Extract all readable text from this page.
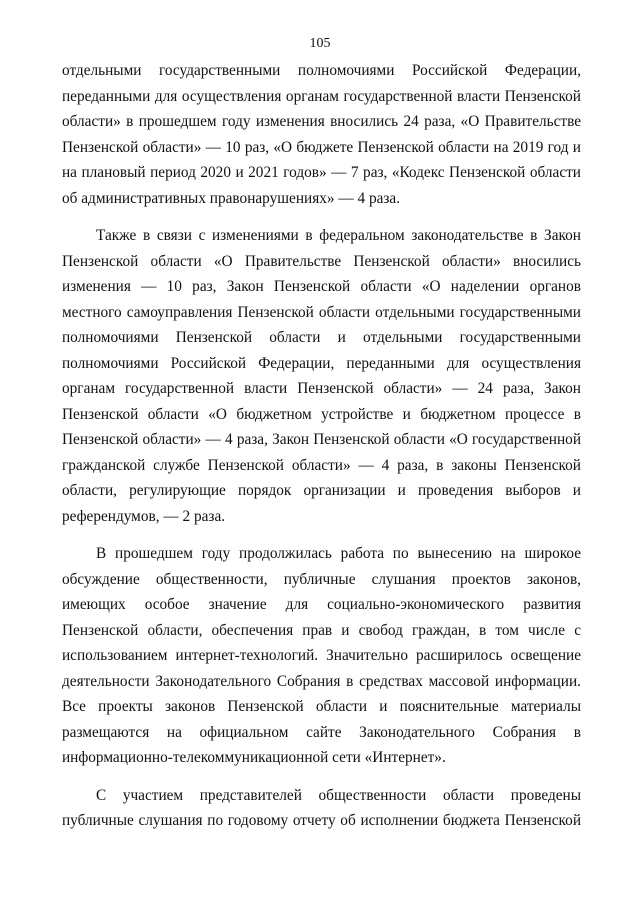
105

отдельными государственными полномочиями Российской Федерации, переданными для осуществления органам государственной власти Пензенской области» в прошедшем году изменения вносились 24 раза, «О Правительстве Пензенской области» — 10 раз, «О бюджете Пензенской области на 2019 год и на плановый период 2020 и 2021 годов» — 7 раз, «Кодекс Пензенской области об административных правонарушениях» — 4 раза.

Также в связи с изменениями в федеральном законодательстве в Закон Пензенской области «О Правительстве Пензенской области» вносились изменения — 10 раз, Закон Пензенской области «О наделении органов местного самоуправления Пензенской области отдельными государственными полномочиями Пензенской области и отдельными государственными полномочиями Российской Федерации, переданными для осуществления органам государственной власти Пензенской области» — 24 раза, Закон Пензенской области «О бюджетном устройстве и бюджетном процессе в Пензенской области» — 4 раза, Закон Пензенской области «О государственной гражданской службе Пензенской области» — 4 раза, в законы Пензенской области, регулирующие порядок организации и проведения выборов и референдумов, — 2 раза.

В прошедшем году продолжилась работа по вынесению на широкое обсуждение общественности, публичные слушания проектов законов, имеющих особое значение для социально-экономического развития Пензенской области, обеспечения прав и свобод граждан, в том числе с использованием интернет-технологий. Значительно расширилось освещение деятельности Законодательного Собрания в средствах массовой информации. Все проекты законов Пензенской области и пояснительные материалы размещаются на официальном сайте Законодательного Собрания в информационно-телекоммуникационной сети «Интернет».

С участием представителей общественности области проведены публичные слушания по годовому отчету об исполнении бюджета Пензенской
